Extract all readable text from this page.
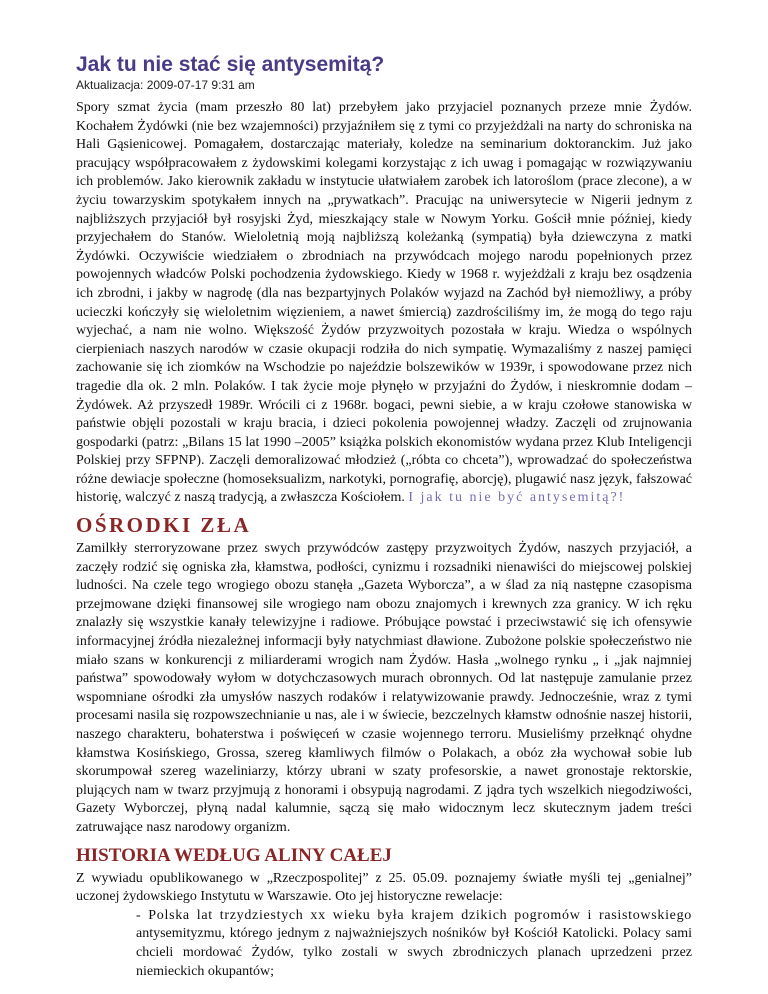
Jak tu nie stać się antysemitą?

Aktualizacja: 2009-07-17 9:31 am

Spory szmat życia (mam przeszło 80 lat) przebyłem jako przyjaciel poznanych przeze mnie Żydów. Kochałem Żydówki (nie bez wzajemności) przyjaźniłem się z tymi co przyjeżdżali na narty do schroniska na Hali Gąsienicowej. Pomagałem, dostarczając materiały, koledze na seminarium doktoranckim. Już jako pracujący współpracowałem z żydowskimi kolegami korzystając z ich uwag i pomagając w rozwiązywaniu ich problemów. Jako kierownik zakładu w instytucie ułatwiałem zarobek ich latoroślom (prace zlecone), a w życiu towarzyskim spotykałem innych na „prywatkach”. Pracując na uniwersytecie w Nigerii jednym z najbliższych przyjaciół był rosyjski Żyd, mieszkający stale w Nowym Yorku. Gościł mnie później, kiedy przyjechałem do Stanów. Wieloletnią moją najbliższą koleżanką (sympatią) była dziewczyna z matki Żydówki. Oczywiście wiedziałem o zbrodniach na przywódcach mojego narodu popełnionych przez powojennych władców Polski pochodzenia żydowskiego. Kiedy w 1968 r. wyjeżdżali z kraju bez osądzenia ich zbrodni, i jakby w nagrodę (dla nas bezpartyjnych Polaków wyjazd na Zachód był niemożliwy, a próby ucieczki kończyły się wieloletnim więzieniem, a nawet śmiercią) zazdrościliśmy im, że mogą do tego raju wyjechać, a nam nie wolno. Większość Żydów przyzwoitych pozostała w kraju. Wiedza o wspólnych cierpieniach naszych narodów w czasie okupacji rodziła do nich sympatię. Wymazaliśmy z naszej pamięci zachowanie się ich ziomków na Wschodzie po najeździe bolszewików w 1939r, i spowodowane przez nich tragedie dla ok. 2 mln. Polaków. I tak życie moje płynęło w przyjaźni do Żydów, i nieskromnie dodam – Żydówek. Aż przyszedł 1989r. Wrócili ci z 1968r. bogaci, pewni siebie, a w kraju czołowe stanowiska w państwie objęli pozostali w kraju bracia, i dzieci pokolenia powojennej władzy. Zaczęli od zrujnowania gospodarki (patrz: „Bilans 15 lat 1990 –2005” książka polskich ekonomistów wydana przez Klub Inteligencji Polskiej przy SFPNP). Zaczęli demoralizować młodzież („róbta co chceta”), wprowadzać do społeczeństwa różne dewiacje społeczne (homoseksualizm, narkotyki, pornografię, aborcję), plugawić nasz język, fałszować historię, walczyć z naszą tradycją, a zwłaszcza Kościołem. I jak tu nie być antysemitą?!

OŚRODKI ZŁA

Zamilkły sterroryzowane przez swych przywódców zastępy przyzwoitych Żydów, naszych przyjaciół, a zaczęły rodzić się ogniska zła, kłamstwa, podłości, cynizmu i rozsadniki nienawiści do miejscowej polskiej ludności. Na czele tego wrogiego obozu stanęła „Gazeta Wyborcza”, a w ślad za nią następne czasopisma przejmowane dzięki finansowej sile wrogiego nam obozu znajomych i krewnych zza granicy. W ich ręku znalazły się wszystkie kanały telewizyjne i radiowe. Próbujące powstać i przeciwstawić się ich ofensywie informacyjnej źródła niezależnej informacji były natychmiast dławione. Zubożone polskie społeczeństwo nie miało szans w konkurencji z miliarderami wrogich nam Żydów. Hasła „wolnego rynku „ i „jak najmniej państwa” spowodowały wyłom w dotychczasowych murach obronnych. Od lat następuje zamulanie przez wspomniane ośrodki zła umysłów naszych rodaków i relatywizowanie prawdy. Jednocześnie, wraz z tymi procesami nasila się rozpowszechnianie u nas, ale i w świecie, bezczelnych kłamstw odnośnie naszej historii, naszego charakteru, bohaterstwa i poświęceń w czasie wojennego terroru. Musieliśmy przełknąć ohydne kłamstwa Kosińskiego, Grossa, szereg kłamliwych filmów o Polakach, a obóz zła wychował sobie lub skorumpował szereg wazeliniarzy, którzy ubrani w szaty profesorskie, a nawet gronostaje rektorskie, plujących nam w twarz przyjmują z honorami i obsypują nagrodami. Z jądra tych wszelkich niegodziwości, Gazety Wyborczej, płyną nadal kalumnie, sączą się mało widocznym lecz skutecznym jadem treści zatruwające nasz narodowy organizm.

HISTORIA WEDŁUG ALINY CAŁEJ

Z wywiadu opublikowanego w „Rzeczpospolitej” z 25. 05.09. poznajemy światłe myśli tej „genialnej” uczonej żydowskiego Instytutu w Warszawie. Oto jej historyczne rewelacje:

- Polska lat trzydziestych xx wieku była krajem dzikich pogromów i rasistowskiego antysemityzmu, którego jednym z najważniejszych nośników był Kościół Katolicki. Polacy sami chcieli mordować Żydów, tylko zostali w swych zbrodniczych planach uprzedzeni przez niemieckich okupantów;
